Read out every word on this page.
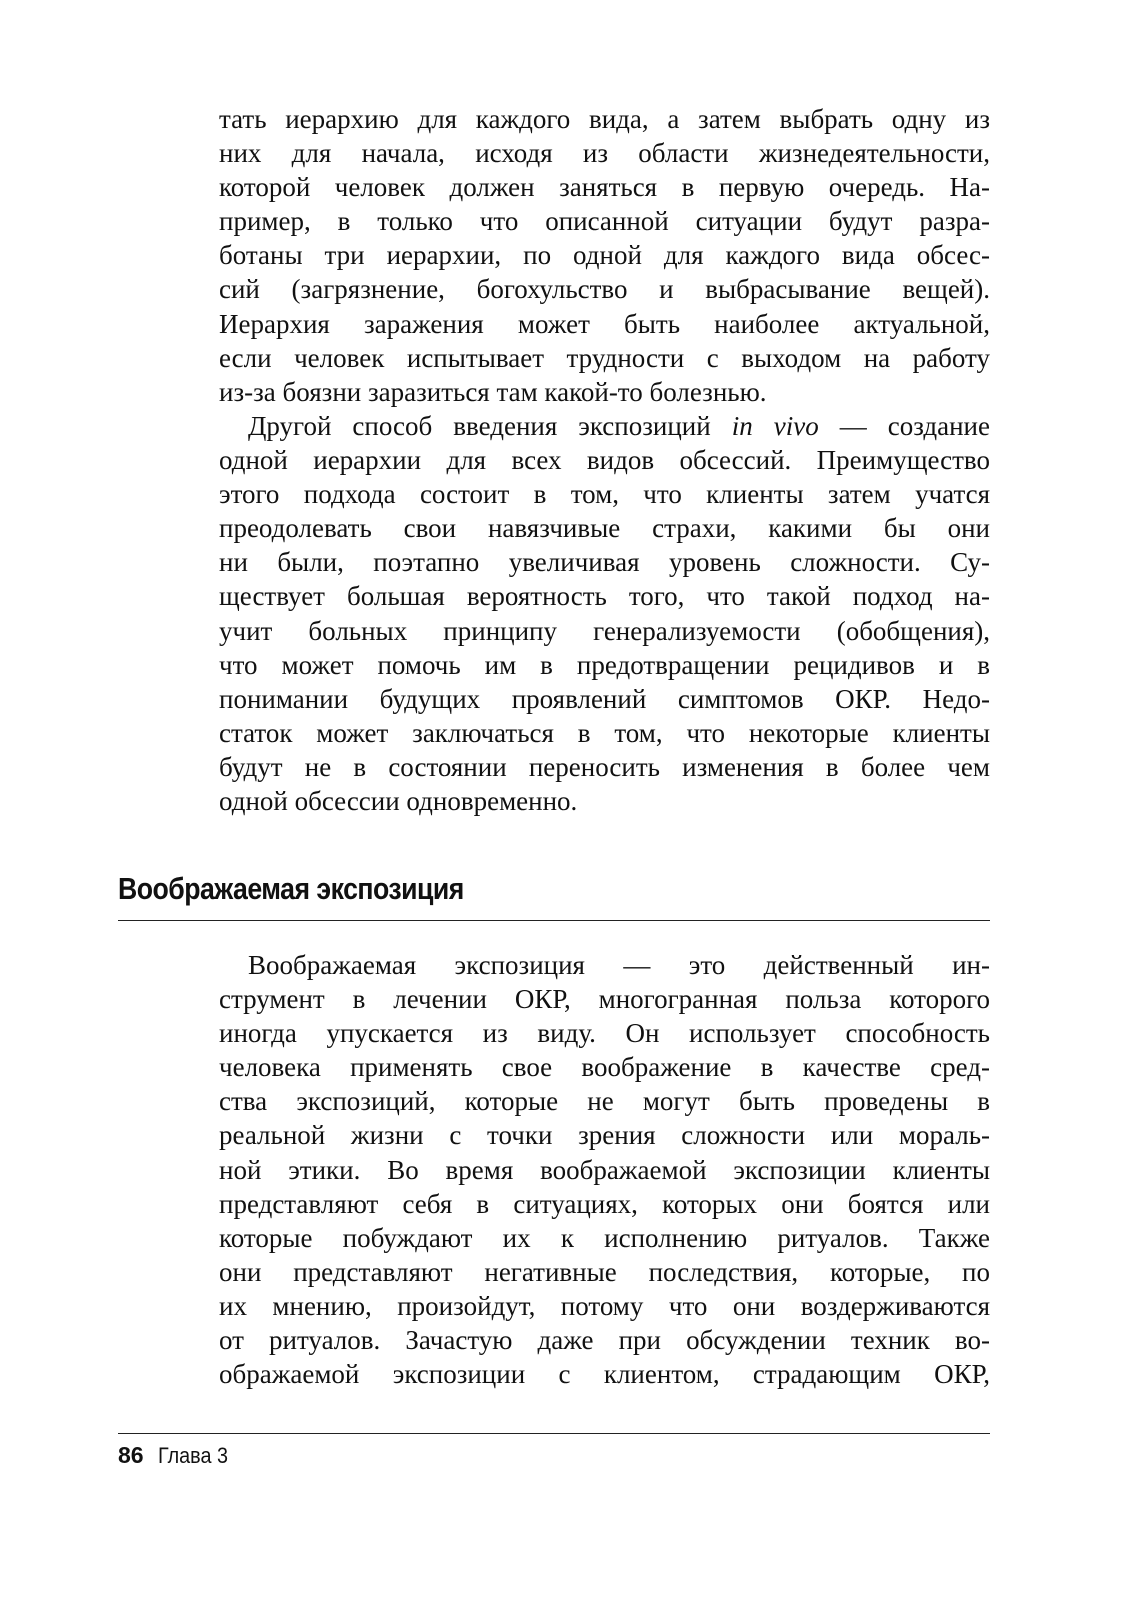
тать иерархию для каждого вида, а затем выбрать одну из
них для начала, исходя из области жизнедеятельности,
которой человек должен заняться в первую очередь. На-
пример, в только что описанной ситуации будут разра-
ботаны три иерархии, по одной для каждого вида обсес-
сий (загрязнение, богохульство и выбрасывание вещей).
Иерархия заражения может быть наиболее актуальной,
если человек испытывает трудности с выходом на работу
из-за боязни заразиться там какой-то болезнью.
Другой способ введения экспозиций in vivo — создание
одной иерархии для всех видов обсессий. Преимущество
этого подхода состоит в том, что клиенты затем учатся
преодолевать свои навязчивые страхи, какими бы они
ни были, поэтапно увеличивая уровень сложности. Су-
ществует большая вероятность того, что такой подход на-
учит больных принципу генерализуемости (обобщения),
что может помочь им в предотвращении рецидивов и в
понимании будущих проявлений симптомов ОКР. Недо-
статок может заключаться в том, что некоторые клиенты
будут не в состоянии переносить изменения в более чем
одной обсессии одновременно.
Воображаемая экспозиция
Воображаемая экспозиция — это действенный ин-
струмент в лечении ОКР, многогранная польза которого
иногда упускается из виду. Он использует способность
человека применять свое воображение в качестве сред-
ства экспозиций, которые не могут быть проведены в
реальной жизни с точки зрения сложности или мораль-
ной этики. Во время воображаемой экспозиции клиенты
представляют себя в ситуациях, которых они боятся или
которые побуждают их к исполнению ритуалов. Также
они представляют негативные последствия, которые, по
их мнению, произойдут, потому что они воздерживаются
от ритуалов. Зачастую даже при обсуждении техник во-
ображаемой экспозиции с клиентом, страдающим ОКР,
86 Глава 3
